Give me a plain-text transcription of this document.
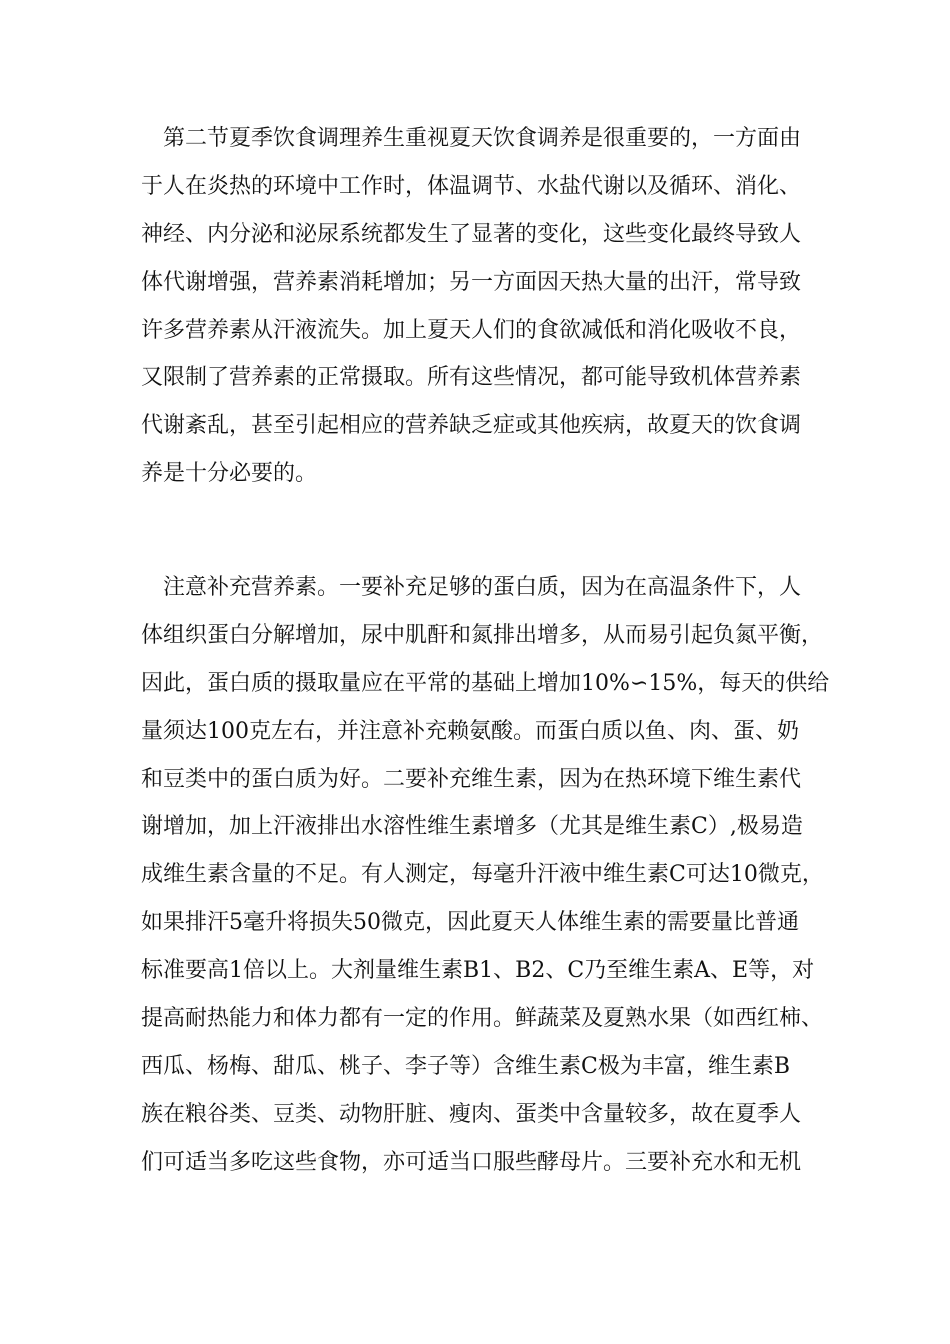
　第二节夏季饮食调理养生重视夏天饮食调养是很重要的，一方面由
于人在炎热的环境中工作时，体温调节、水盐代谢以及循环、消化、
神经、内分泌和泌尿系统都发生了显著的变化，这些变化最终导致人
体代谢增强，营养素消耗增加；另一方面因天热大量的出汗，常导致
许多营养素从汗液流失。加上夏天人们的食欲减低和消化吸收不良，
又限制了营养素的正常摄取。所有这些情况，都可能导致机体营养素
代谢紊乱，甚至引起相应的营养缺乏症或其他疾病，故夏天的饮食调
养是十分必要的。
　注意补充营养素。一要补充足够的蛋白质，因为在高温条件下，人
体组织蛋白分解增加，尿中肌酐和氮排出增多，从而易引起负氮平衡，
因此，蛋白质的摄取量应在平常的基础上增加10%∽15%，每天的供给
量须达100克左右，并注意补充赖氨酸。而蛋白质以鱼、肉、蛋、奶
和豆类中的蛋白质为好。二要补充维生素，因为在热环境下维生素代
谢增加，加上汗液排出水溶性维生素增多（尤其是维生素C）,极易造
成维生素含量的不足。有人测定，每毫升汗液中维生素C可达10微克，
如果排汗5毫升将损失50微克，因此夏天人体维生素的需要量比普通
标准要高1倍以上。大剂量维生素B1、B2、C乃至维生素A、E等，对
提高耐热能力和体力都有一定的作用。鲜蔬菜及夏熟水果（如西红柿、
西瓜、杨梅、甜瓜、桃子、李子等）含维生素C极为丰富，维生素B
族在粮谷类、豆类、动物肝脏、瘦肉、蛋类中含量较多，故在夏季人
们可适当多吃这些食物，亦可适当口服些酵母片。三要补充水和无机
